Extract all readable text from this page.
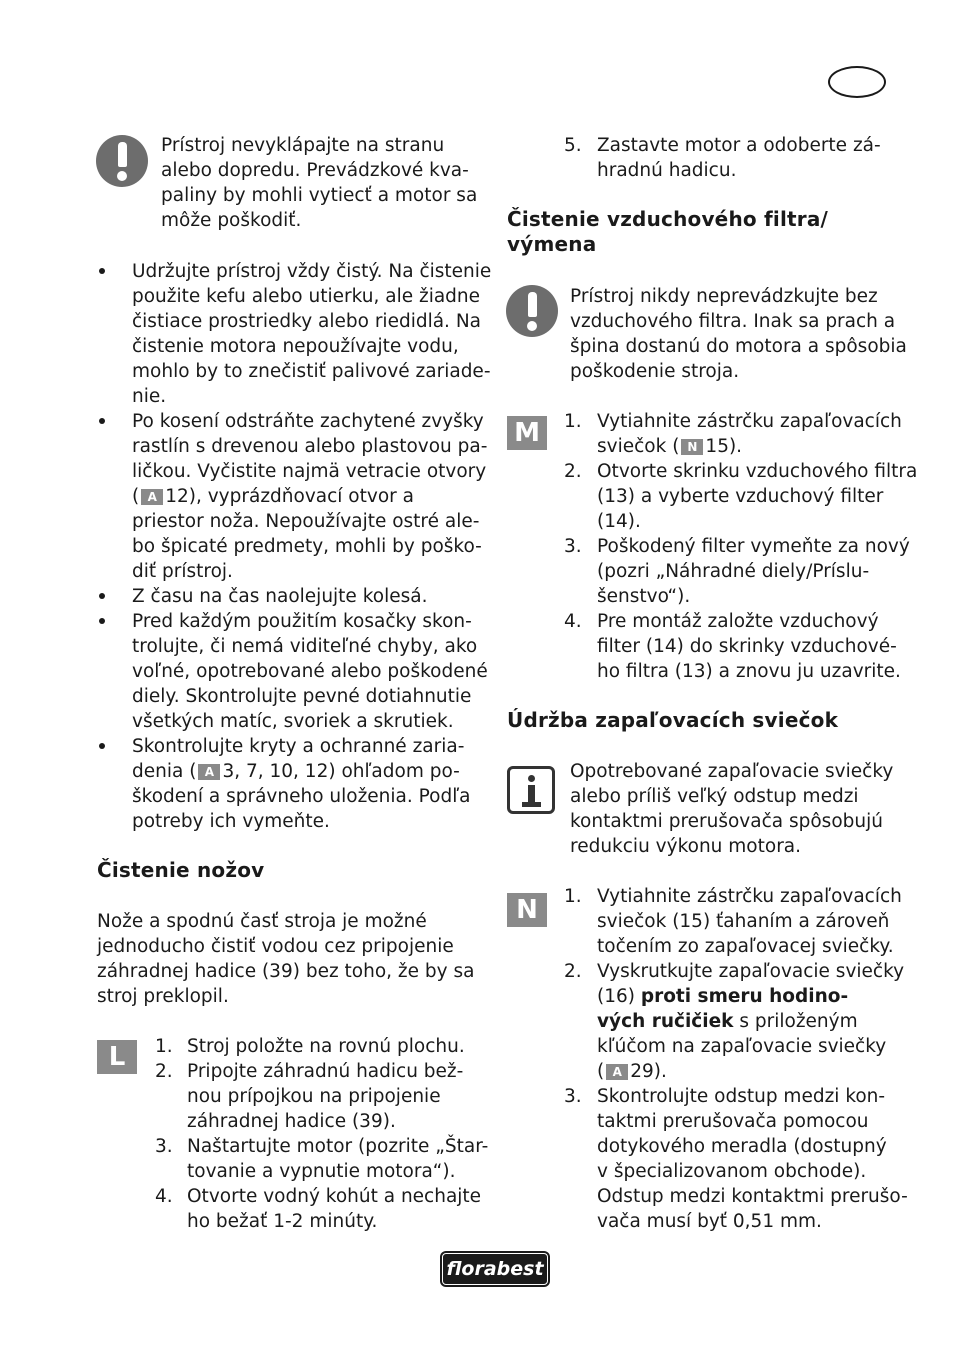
Prístroj nevyklápajte na stranu
alebo dopredu. Prevádzkové kva-
paliny by mohli vytiecť a motor sa
môže poškodiť.
Udržujte prístroj vždy čistý. Na čistenie
použite kefu alebo utierku, ale žiadne
čistiace prostriedky alebo riedidlá. Na
čistenie motora nepoužívajte vodu,
mohlo by to znečistiť palivové zariade-
nie.
Po kosení odstráňte zachytené zvyšky
rastlín s drevenou alebo plastovou pa-
ličkou. Vyčistite najmä vetracie otvory
( A 12), vyprázdňovací otvor a
priestor noža. Nepoužívajte ostré ale-
bo špicaté predmety, mohli by poško-
diť prístroj.
Z času na čas naolejujte kolesá.
Pred každým použitím kosačky skon-
trolujte, či nemá viditeľné chyby, ako
voľné, opotrebované alebo poškodené
diely. Skontrolujte pevné dotiahnutie
všetkých matíc, svoriek a skrutiek.
Skontrolujte kryty a ochranné zaria-
denia ( A 3, 7, 10, 12) ohľadom po-
škodení a správneho uloženia. Podľa
potreby ich vymeňte.
Čistenie nožov
Nože a spodnú časť stroja je možné
jednoducho čistiť vodou cez pripojenie
záhradnej hadice (39) bez toho, že by sa
stroj preklopil.
L	1. Stroj položte na rovnú plochu.
2. Pripojte záhradnú hadicu bež-
nou prípojkou na pripojenie
záhradnej hadice (39).
3. Naštartujte motor (pozrite „Štar-
tovanie a vypnutie motora“).
4. Otvorte vodný kohút a nechajte
ho bežať 1-2 minúty.
5. Zastavte motor a odoberte zá-
hradnú hadicu.
Čistenie vzduchového filtra/
výmena
Prístroj nikdy neprevádzkujte bez
vzduchového filtra. Inak sa prach a
špina dostanú do motora a spôsobia
poškodenie stroja.
M	1. Vytiahnite zástrčku zapaľovacích
sviečok ( N 15).
2. Otvorte skrinku vzduchového filtra
(13) a vyberte vzduchový filter
(14).
3. Poškodený filter vymeňte za nový
(pozri „Náhradné diely/Príslu-
šenstvo“).
4. Pre montáž založte vzduchový
filter (14) do skrinky vzduchové-
ho filtra (13) a znovu ju uzavrite.
Údržba zapaľovacích sviečok
Opotrebované zapaľovacie sviečky
alebo príliš veľký odstup medzi
kontaktmi prerušovača spôsobujú
redukciu výkonu motora.
N	1. Vytiahnite zástrčku zapaľovacích
sviečok (15) ťahaním a zároveň
točením zo zapaľovacej sviečky.
2. Vyskrutkujte zapaľovacie sviečky
(16) proti smeru hodino-
vých ručičiek s priloženým
kľúčom na zapaľovacie sviečky
( A 29).
3. Skontrolujte odstup medzi kon-
taktmi prerušovača pomocou
dotykového meradla (dostupný
v špecializovanom obchode).
Odstup medzi kontaktmi prerušo-
vača musí byť 0,51 mm.
florabest
